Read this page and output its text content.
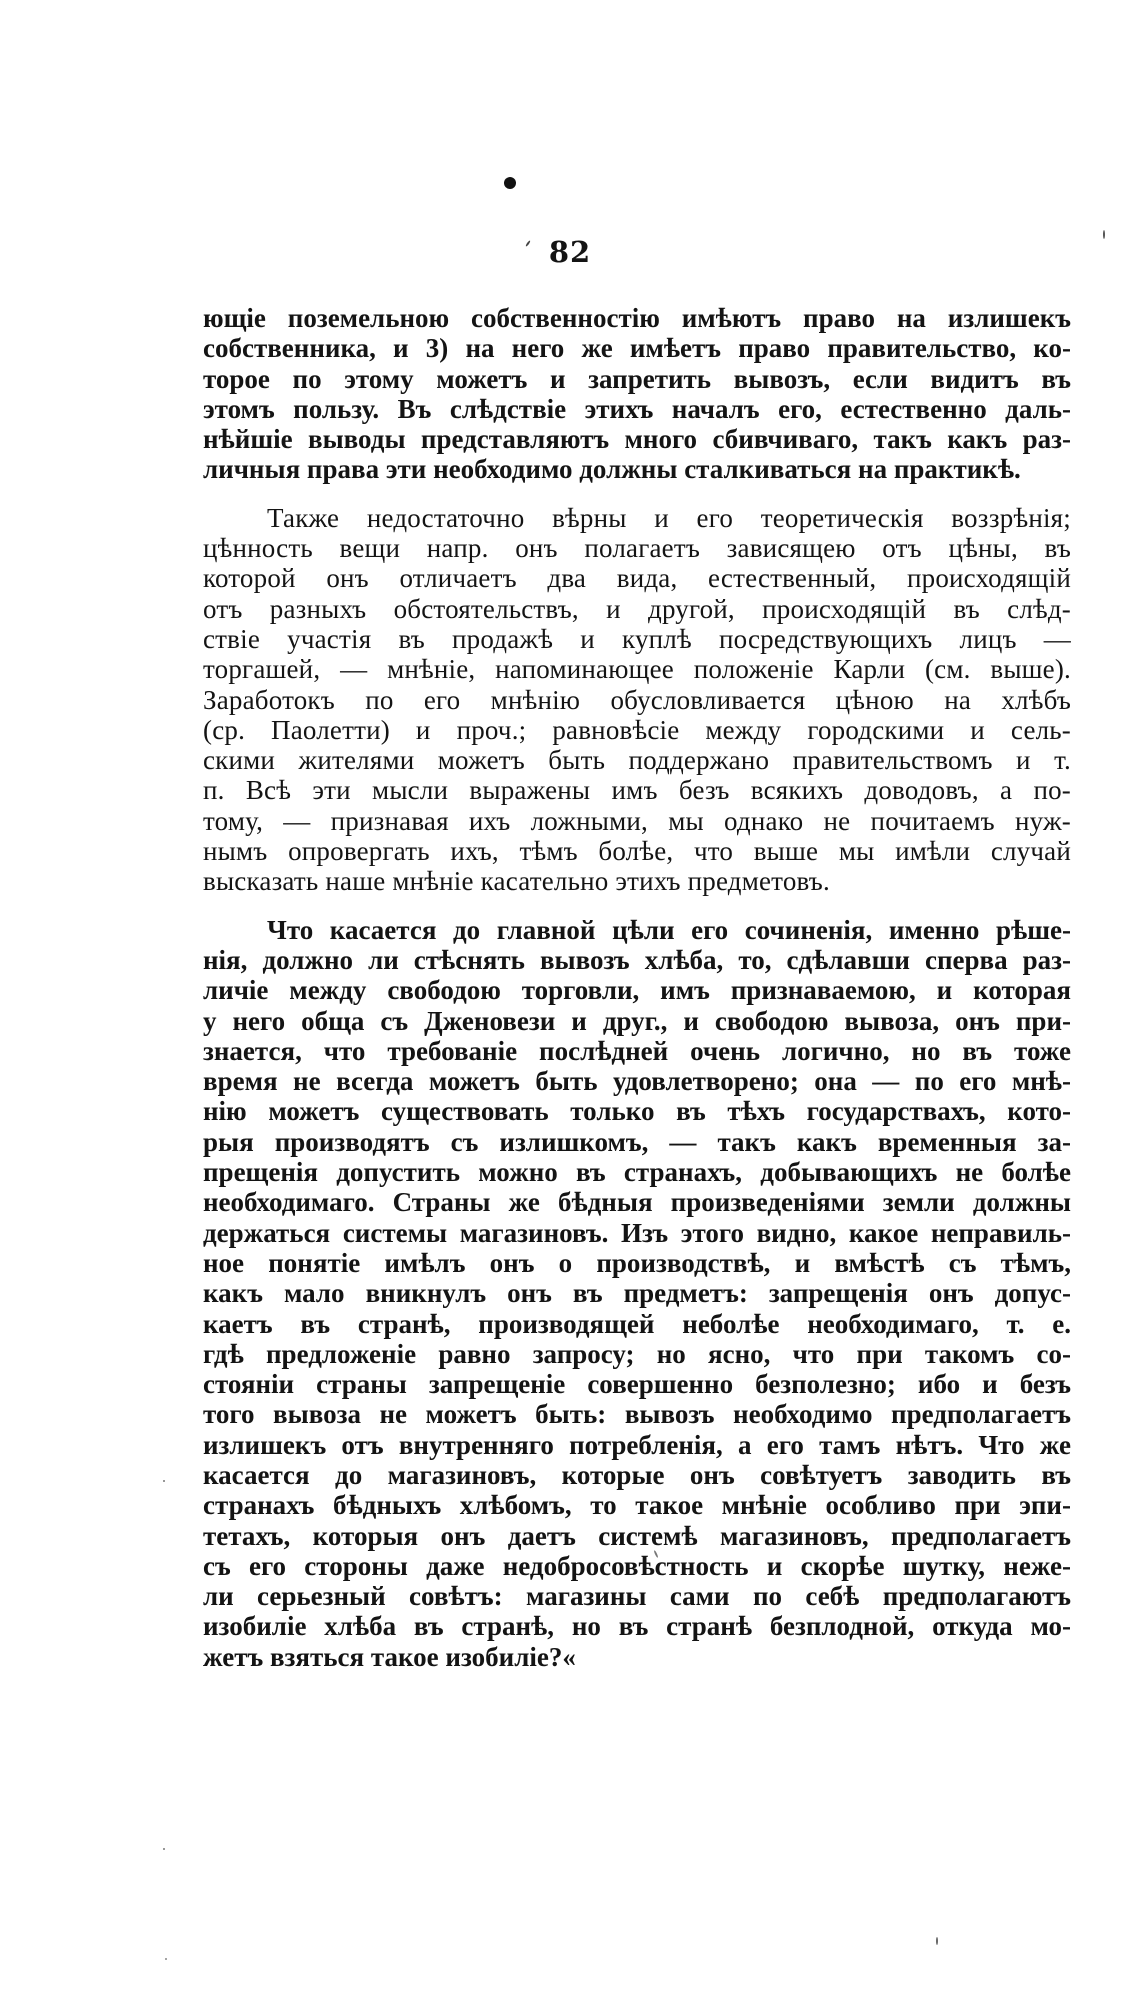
82
ющіе поземельною собственностію имѣютъ право на излишекъ
собственника, и 3) на него же имѣетъ право правительство, ко-
торое по этому можетъ и запретить вывозъ, если видитъ въ
этомъ пользу. Въ слѣдствіе этихъ началъ его, естественно даль-
нѣйшіе выводы представляютъ много сбивчиваго, такъ какъ раз-
личныя права эти необходимо должны сталкиваться на практикѣ.
Также недостаточно вѣрны и его теоретическія воззрѣнія;
цѣнность вещи напр. онъ полагаетъ зависящею отъ цѣны, въ
которой онъ отличаетъ два вида, естественный, происходящій
отъ разныхъ обстоятельствъ, и другой, происходящій въ слѣд-
ствіе участія въ продажѣ и куплѣ посредствующихъ лицъ —
торгашей, — мнѣніе, напоминающее положеніе Карли (см. выше).
Заработокъ по его мнѣнію обусловливается цѣною на хлѣбъ
(ср. Паолетти) и проч.; равновѣсіе между городскими и сель-
скими жителями можетъ быть поддержано правительствомъ и т.
п. Всѣ эти мысли выражены имъ безъ всякихъ доводовъ, а по-
тому, — признавая ихъ ложными, мы однако не почитаемъ нуж-
нымъ опровергать ихъ, тѣмъ болѣе, что выше мы имѣли случай
высказать наше мнѣніе касательно этихъ предметовъ.
Что касается до главной цѣли его сочиненія, именно рѣше-
нія, должно ли стѣснять вывозъ хлѣба, то, сдѣлавши сперва раз-
личіе между свободою торговли, имъ признаваемою, и которая
у него обща съ Дженовези и друг., и свободою вывоза, онъ при-
знается, что требованіе послѣдней очень логично, но въ тоже
время не всегда можетъ быть удовлетворено; она — по его мнѣ-
нію можетъ существовать только въ тѣхъ государствахъ, кото-
рыя производятъ съ излишкомъ, — такъ какъ временныя за-
прещенія допустить можно въ странахъ, добывающихъ не болѣе
необходимаго. Страны же бѣдныя произведеніями земли должны
держаться системы магазиновъ. Изъ этого видно, какое неправиль-
ное понятіе имѣлъ онъ о производствѣ, и вмѣстѣ съ тѣмъ,
какъ мало вникнулъ онъ въ предметъ: запрещенія онъ допус-
каетъ въ странѣ, производящей неболѣе необходимаго, т. е.
гдѣ предложеніе равно запросу; но ясно, что при такомъ со-
стояніи страны запрещеніе совершенно безполезно; ибо и безъ
того вывоза не можетъ быть: вывозъ необходимо предполагаетъ
излишекъ отъ внутренняго потребленія, а его тамъ нѣтъ. Что же
касается до магазиновъ, которые онъ совѣтуетъ заводить въ
странахъ бѣдныхъ хлѣбомъ, то такое мнѣніе особливо при эпи-
тетахъ, которыя онъ даетъ системѣ магазиновъ, предполагаетъ
съ его стороны даже недобросовѣстность и скорѣе шутку, неже-
ли серьезный совѣтъ: магазины сами по себѣ предполагаютъ
изобиліе хлѣба въ странѣ, но въ странѣ безплодной, откуда мо-
жетъ взяться такое изобиліе?«
